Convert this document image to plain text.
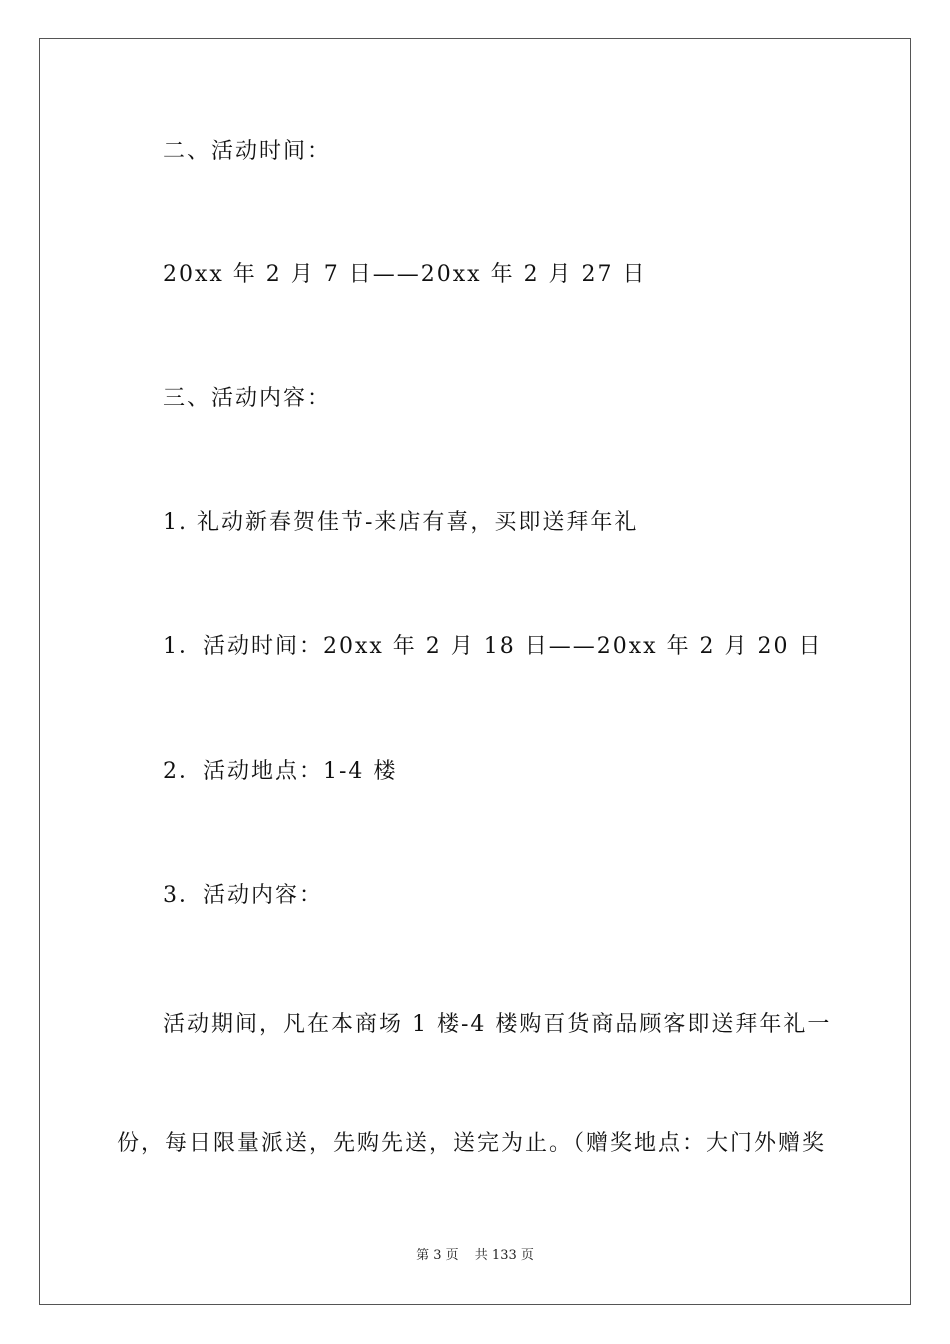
二、活动时间：
20xx 年 2 月 7 日——20xx 年 2 月 27 日
三、活动内容：
1. 礼动新春贺佳节-来店有喜，买即送拜年礼
1．活动时间：20xx 年 2 月 18 日——20xx 年 2 月 20 日
2．活动地点：1-4 楼
3．活动内容：
活动期间，凡在本商场 1 楼-4 楼购百货商品顾客即送拜年礼一
份，每日限量派送，先购先送，送完为止。（赠奖地点：大门外赠奖
第 3 页 共 133 页
